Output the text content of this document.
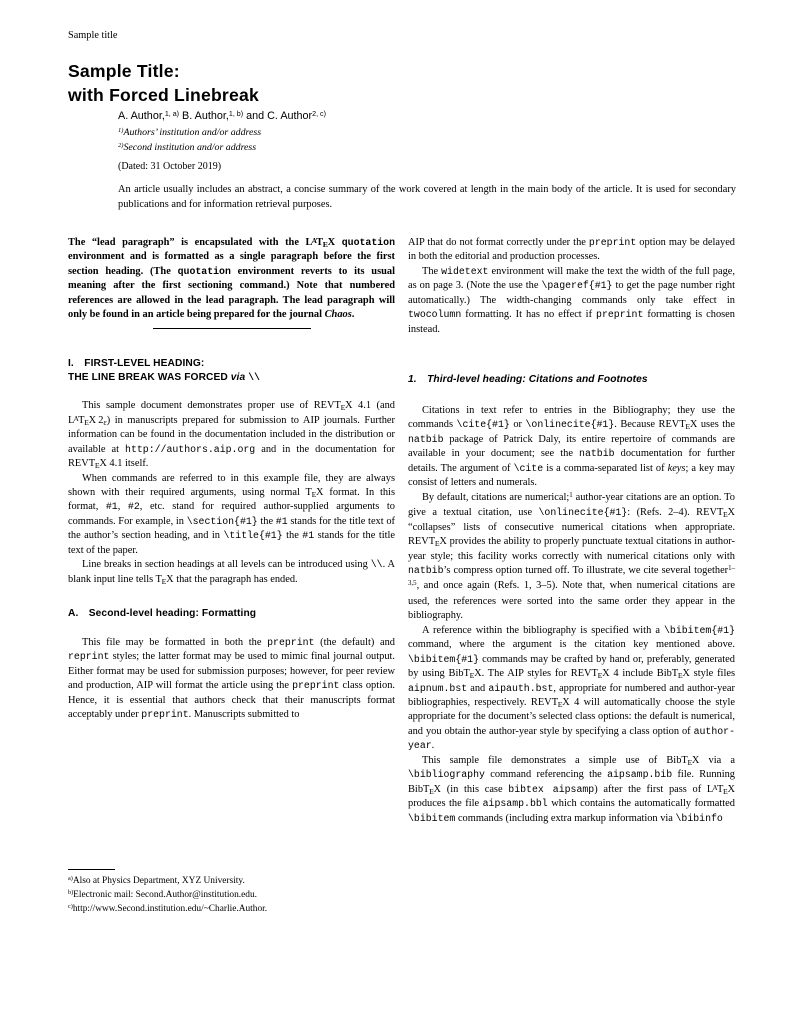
Sample title
Sample Title:
with Forced Linebreak
A. Author,$^{1, a)}$ B. Author,$^{1, b)}$ and C. Author$^{2, c)}$
$^{1)}$Authors’ institution and/or address
$^{2)}$Second institution and/or address
(Dated: 31 October 2019)
An article usually includes an abstract, a concise summary of the work covered at length in the main body of the article. It is used for secondary publications and for information retrieval purposes.

The “lead paragraph” is encapsulated with the LATEX quotation environment and is formatted as a single paragraph before the first section heading. (The quotation environment reverts to its usual meaning after the first sectioning command.) Note that numbered references are allowed in the lead paragraph. The lead paragraph will only be found in an article being prepared for the journal Chaos.

I.  FIRST-LEVEL HEADING:
THE LINE BREAK WAS FORCED via \\

This sample document demonstrates proper use of REVTEX 4.1 (and LATEX 2ε) in manuscripts prepared for submission to AIP journals. Further information can be found in the documentation included in the distribution or available at http://authors.aip.org and in the documentation for REVTEX 4.1 itself.

When commands are referred to in this example file, they are always shown with their required arguments, using normal TEX format. In this format, #1, #2, etc. stand for required author-supplied arguments to commands. For example, in \section{#1} the #1 stands for the title text of the author’s section heading, and in \title{#1} the #1 stands for the title text of the paper.

Line breaks in section headings at all levels can be introduced using \\. A blank input line tells TEX that the paragraph has ended.

A.  Second-level heading: Formatting

This file may be formatted in both the preprint (the default) and reprint styles; the latter format may be used to mimic final journal output. Either format may be used for submission purposes; however, for peer review and production, AIP will format the article using the preprint class option. Hence, it is essential that authors check that their manuscripts format acceptably under preprint. Manuscripts submitted to

AIP that do not format correctly under the preprint option may be delayed in both the editorial and production processes.

The widetext environment will make the text the width of the full page, as on page 3. (Note the use the \pageref{#1} to get the page number right automatically.) The width-changing commands only take effect in twocolumn formatting. It has no effect if preprint formatting is chosen instead.

1.  Third-level heading: Citations and Footnotes

Citations in text refer to entries in the Bibliography; they use the commands \cite{#1} or \onlinecite{#1}. Because REVTEX uses the natbib package of Patrick Daly, its entire repertoire of commands are available in your document; see the natbib documentation for further details. The argument of \cite is a comma-separated list of keys; a key may consist of letters and numerals.

By default, citations are numerical;$^1$ author-year citations are an option. To give a textual citation, use \onlinecite{#1}: (Refs. 2–4). REVTEX “collapses” lists of consecutive numerical citations when appropriate. REVTEX provides the ability to properly punctuate textual citations in author-year style; this facility works correctly with numerical citations only with natbib’s compress option turned off. To illustrate, we cite several together$^{1-3,5}$, and once again (Refs. 1, 3–5). Note that, when numerical citations are used, the references were sorted into the same order they appear in the bibliography.

A reference within the bibliography is specified with a \bibitem{#1} command, where the argument is the citation key mentioned above. \bibitem{#1} commands may be crafted by hand or, preferably, generated by using BibTEX. The AIP styles for REVTEX 4 include BibTEX style files aipnum.bst and aipauth.bst, appropriate for numbered and author-year bibliographies, respectively. REVTEX 4 will automatically choose the style appropriate for the document’s selected class options: the default is numerical, and you obtain the author-year style by specifying a class option of author-year.

This sample file demonstrates a simple use of BibTEX via a \bibliography command referencing the aipsamp.bib file. Running BibTEX (in this case bibtex aipsamp) after the first pass of LATEX produces the file aipsamp.bbl which contains the automatically formatted \bibitem commands (including extra markup information via \bibinfo

$^{a)}$Also at Physics Department, XYZ University.
$^{b)}$Electronic mail: Second.Author@institution.edu.
$^{c)}$http://www.Second.institution.edu/~Charlie.Author.
